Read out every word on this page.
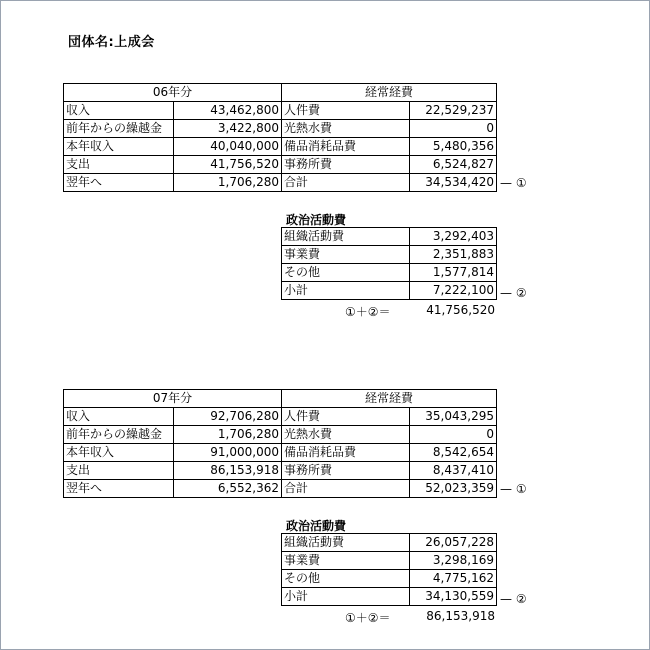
団体名:上成会
06年分		経常経費	
収入	43,462,800	人件費	22,529,237
前年からの繰越金	3,422,800	光熱水費	0
本年収入	40,040,000	備品消耗品費	5,480,356
支出	41,756,520	事務所費	6,524,827
翌年へ	1,706,280	合計	34,534,420 — ①
政治活動費
組織活動費	3,292,403
事業費	2,351,883
その他	1,577,814
小計	7,222,100 — ②
①＋②＝	41,756,520
07年分		経常経費	
収入	92,706,280	人件費	35,043,295
前年からの繰越金	1,706,280	光熱水費	0
本年収入	91,000,000	備品消耗品費	8,542,654
支出	86,153,918	事務所費	8,437,410
翌年へ	6,552,362	合計	52,023,359 — ①
政治活動費
組織活動費	26,057,228
事業費	3,298,169
その他	4,775,162
小計	34,130,559 — ②
①＋②＝	86,153,918
